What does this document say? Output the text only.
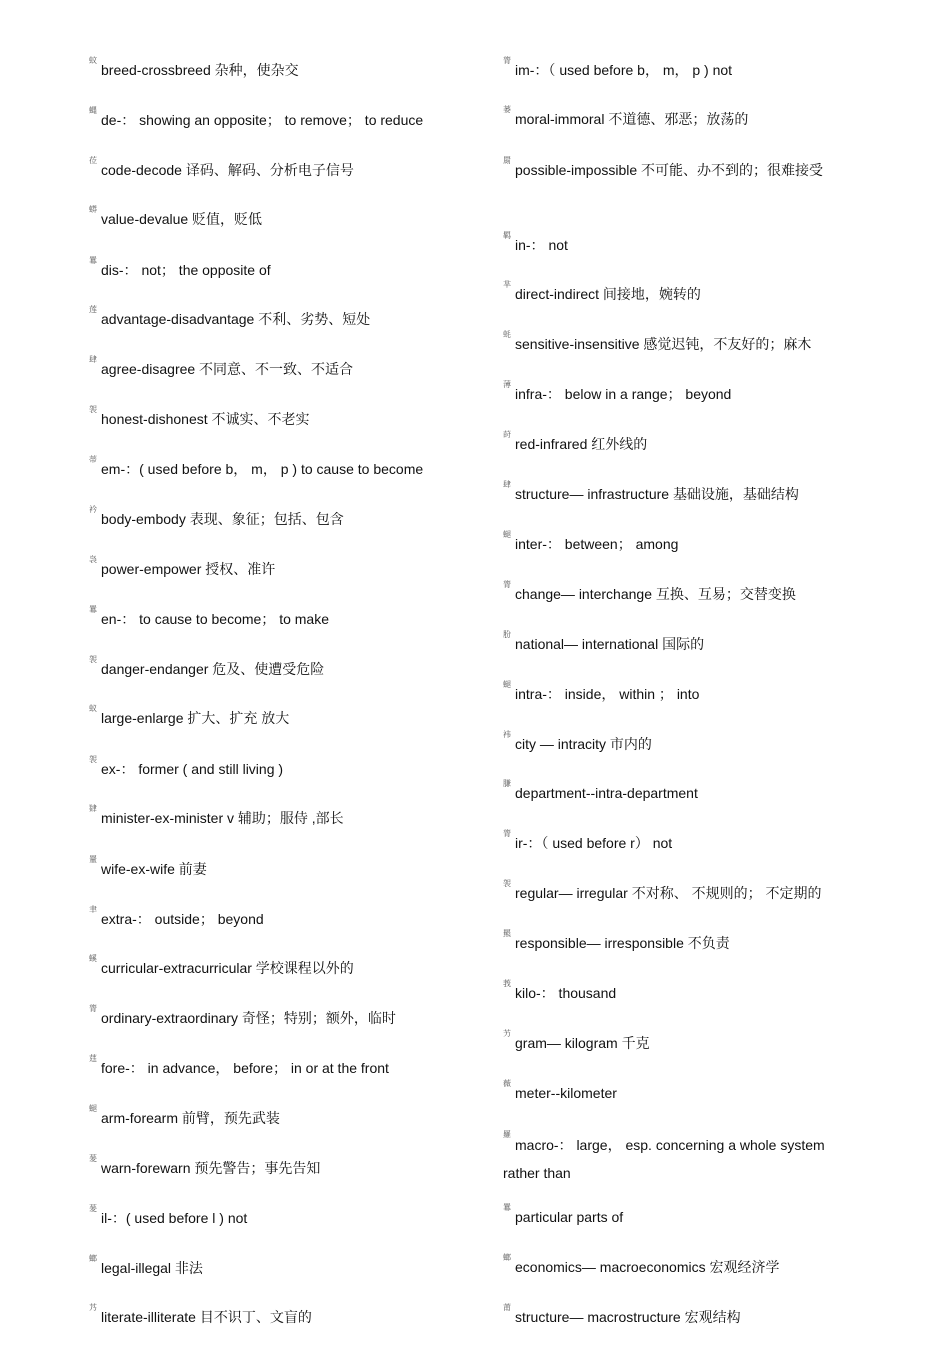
蚊breed-crossbreed 杂种，使杂交
蝿de-： showing an opposite； to remove； to reduce
莅code-decode 译码、解码、分析电子信号
蟒value-devalue 贬值，贬低
羃dis-： not； the opposite of
莲advantage-disadvantage 不利、劣势、短处
肆agree-disagree 不同意、不一致、不适合
袈honest-dishonest 不诚实、不老实
蒂em-：( used before b， m， p ) to cause to become
衿body-embody 表现、象征；包括、包含
袅power-empower 授权、准许
羃en-： to cause to become； to make
袈danger-endanger 危及、使遭受危险
蚁large-enlarge 扩大、扩充 放大
袈ex-： former ( and still living )
肄minister-ex-minister v 辅助；服侍 ,部长
罿wife-ex-wife 前妻
聿extra-： outside； beyond
螇curricular-extracurricular 学校课程以外的
膂ordinary-extraordinary 奇怪；特别；额外，临时
莛fore-： in advance， before； in or at the front
螁arm-forearm 前臂，预先武装
蓌warn-forewarn 预先警告；事先告知
蓌il-：( used before l ) not
螂legal-illegal 非法
艿literate-illiterate 目不识丁、文盲的
膂im-：（ used before b， m， p ) not
蒌moral-immoral 不道德、邪恶；放荡的
罽possible-impossible 不可能、办不到的；很难接受
羁in-： not
芈direct-indirect 间接地，婉转的
蚝sensitive-insensitive 感觉迟钝，不友好的；麻木
薄infra-： below in a range； beyond
莳red-infrared 红外线的
肆structure— infrastructure 基础设施，基础结构
螁inter-： between； among
膂change— interchange 互换、互易；交替变换
肦national— international 国际的
螁intra-： inside， within ； into
袆city — intracity 市内的
膁department--intra-department
膂ir-：（ used before r） not
袈regular— irregular 不对称、 不规则的； 不定期的
羆responsible— irresponsible 不负责
莪kilo-： thousand
艻gram— kilogram 千克
薇meter--kilometer
羅macro-： large， esp. concerning a whole system rather than
羃particular parts of
螂economics— macroeconomics 宏观经济学
莆structure— macrostructure 宏观结构
